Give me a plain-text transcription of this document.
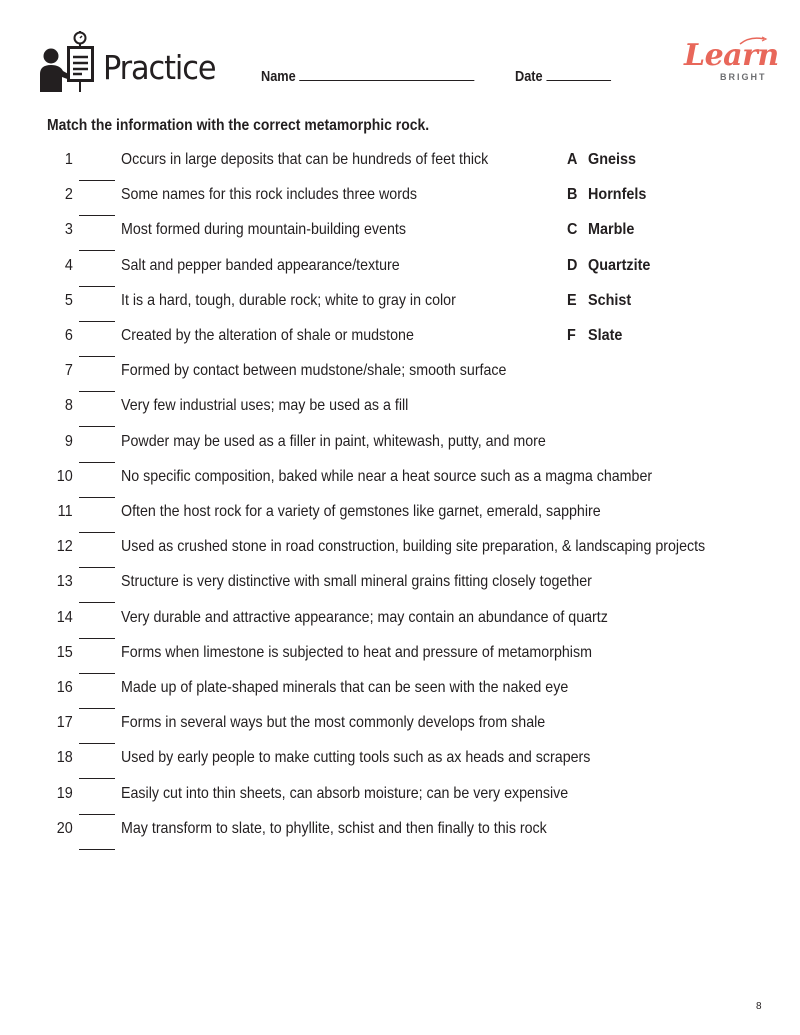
Practice	Name	Date
Learn
BRIGHT
Match the information with the correct metamorphic rock.
1	Occurs in large deposits that can be hundreds of feet thick
2	Some names for this rock includes three words
3	Most formed during mountain-building events
4	Salt and pepper banded appearance/texture
5	It is a hard, tough, durable rock; white to gray in color
6	Created by the alteration of shale or mudstone
7	Formed by contact between mudstone/shale; smooth surface
8	Very few industrial uses; may be used as a fill
9	Powder may be used as a filler in paint, whitewash, putty, and more
10	No specific composition, baked while near a heat source such as a magma chamber
11	Often the host rock for a variety of gemstones like garnet, emerald, sapphire
12	Used as crushed stone in road construction, building site preparation, & landscaping projects
13	Structure is very distinctive with small mineral grains fitting closely together
14	Very durable and attractive appearance; may contain an abundance of quartz
15	Forms when limestone is subjected to heat and pressure of metamorphism
16	Made up of plate-shaped minerals that can be seen with the naked eye
17	Forms in several ways but the most commonly develops from shale
18	Used by early people to make cutting tools such as ax heads and scrapers
19	Easily cut into thin sheets, can absorb moisture; can be very expensive
20	May transform to slate, to phyllite, schist and then finally to this rock
A Gneiss
B Hornfels
C Marble
D Quartzite
E Schist
F Slate
8
